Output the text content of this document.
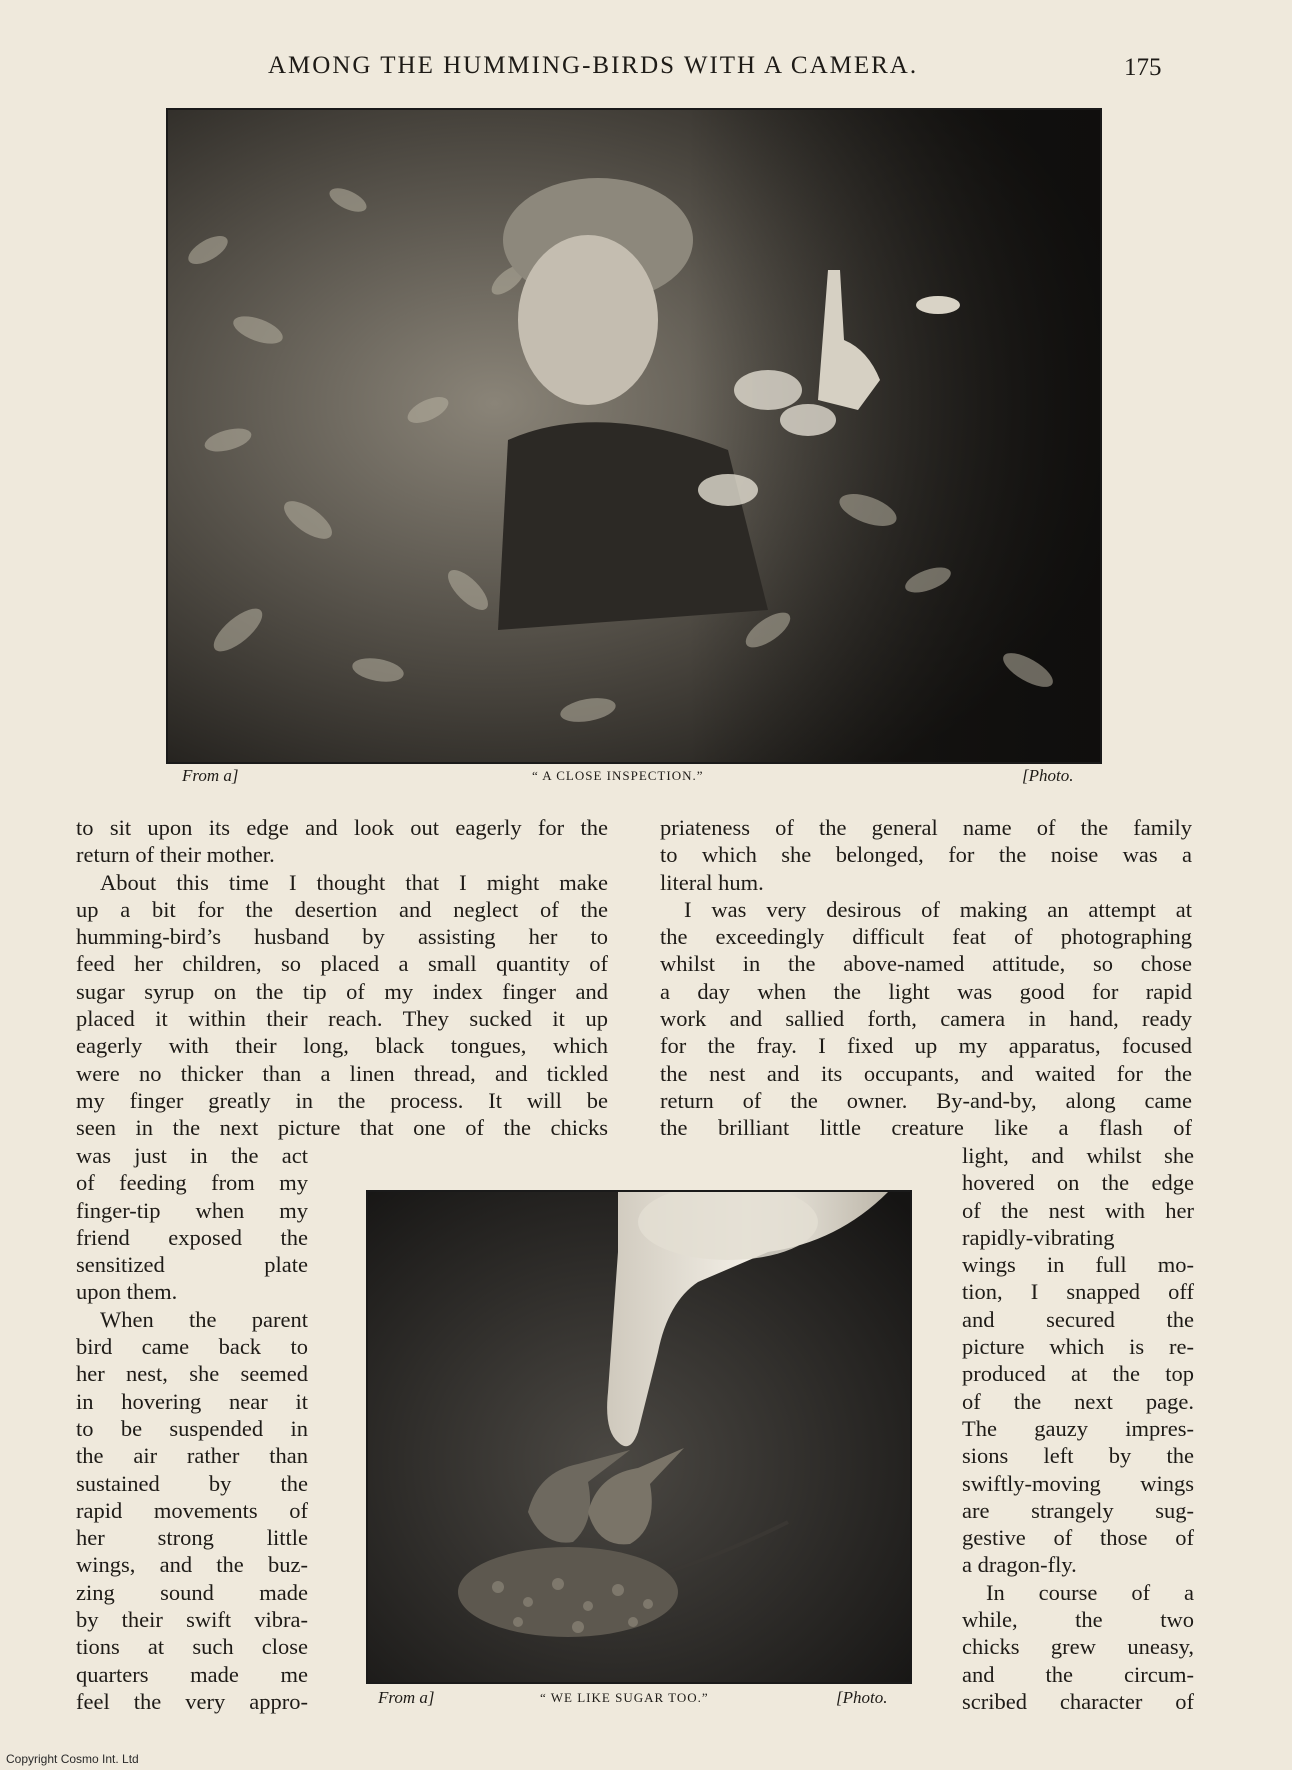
AMONG THE HUMMING-BIRDS WITH A CAMERA.	175
From a]	“ A CLOSE INSPECTION.”	[Photo.
to sit upon its edge and look out eagerly for the
return of their mother.
About this time I thought that I might make
up a bit for the desertion and neglect of the
humming-bird’s husband by assisting her to
feed her children, so placed a small quantity of
sugar syrup on the tip of my index finger and
placed it within their reach. They sucked it up
eagerly with their long, black tongues, which
were no thicker than a linen thread, and tickled
my finger greatly in the process. It will be
seen in the next picture that one of the chicks
was just in the act
of feeding from my
finger-tip when my
friend exposed the
sensitized plate
upon them.
When the parent
bird came back to
her nest, she seemed
in hovering near it
to be suspended in
the air rather than
sustained by the
rapid movements of
her strong little
wings, and the buz-
zing sound made
by their swift vibra-
tions at such close
quarters made me
feel the very appro-
priateness of the general name of the family
to which she belonged, for the noise was a
literal hum.
I was very desirous of making an attempt at
the exceedingly difficult feat of photographing
whilst in the above-named attitude, so chose
a day when the light was good for rapid
work and sallied forth, camera in hand, ready
for the fray. I fixed up my apparatus, focused
the nest and its occupants, and waited for the
return of the owner. By-and-by, along came
the brilliant little creature like a flash of
light, and whilst she
hovered on the edge
of the nest with her
rapidly-vibrating
wings in full mo-
tion, I snapped off
and secured the
picture which is re-
produced at the top
of the next page.
The gauzy impres-
sions left by the
swiftly-moving wings
are strangely sug-
gestive of those of
a dragon-fly.
In course of a
while, the two
chicks grew uneasy,
and the circum-
scribed character of
From a]	“ WE LIKE SUGAR TOO.”	[Photo.
Copyright Cosmo Int. Ltd
